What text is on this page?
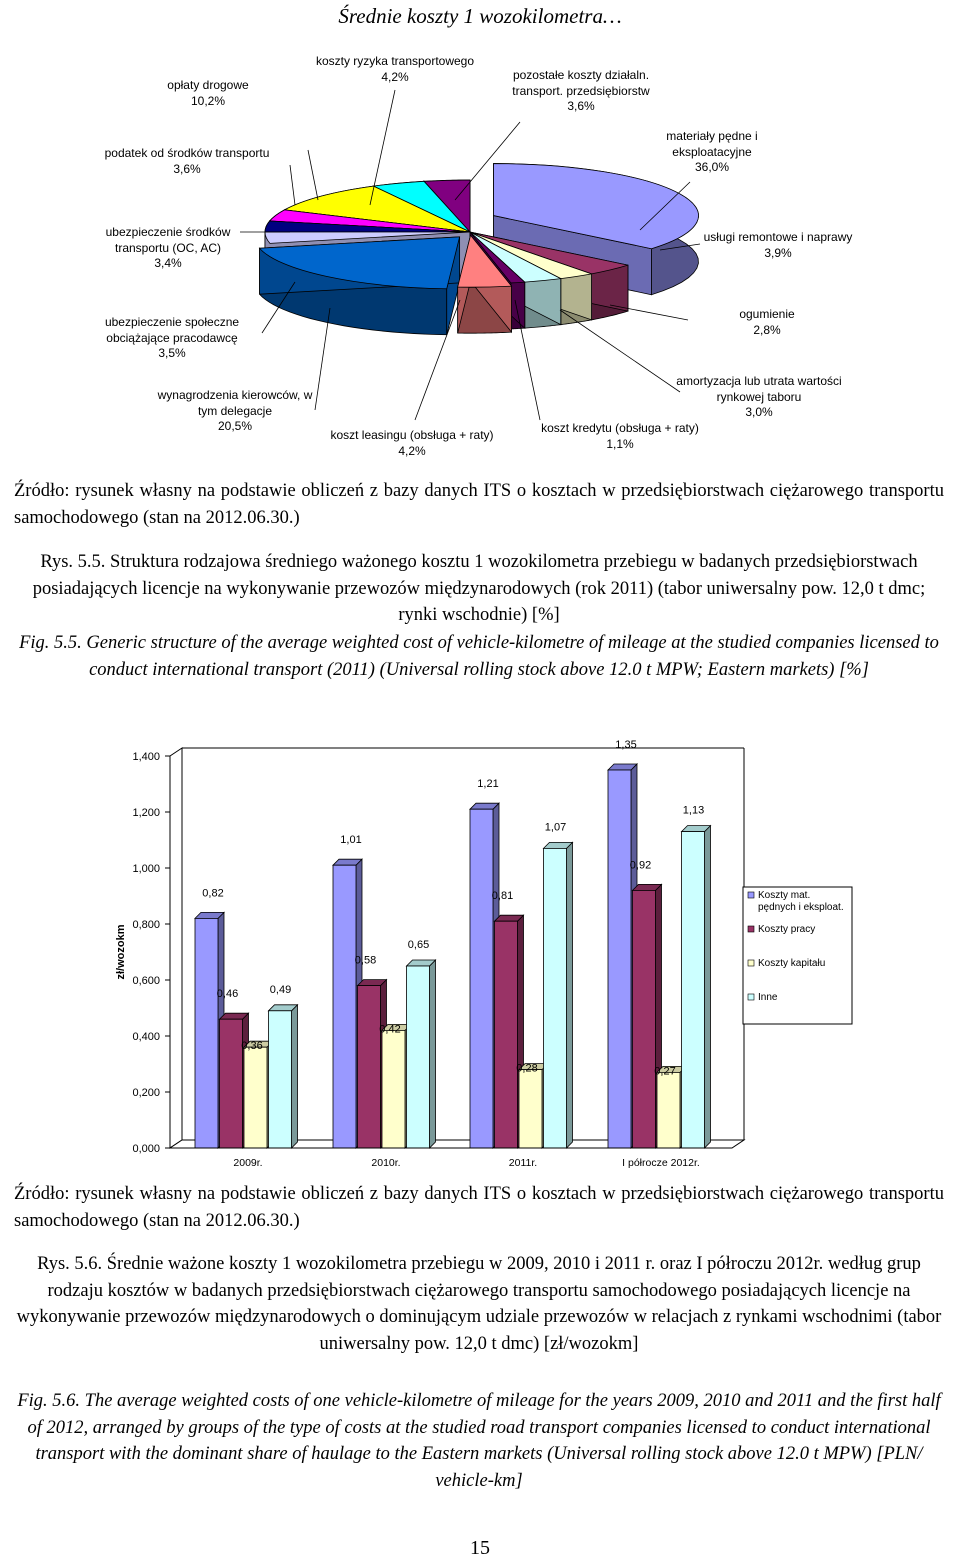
Średnie koszty 1 wozokilometra…
opłaty drogowe
10,2%
koszty ryzyka transportowego
4,2%	pozostałe koszty działaln.
transport. przedsiębiorstw
3,6%
podatek od środków transportu
3,6%
materiały pędne i
eksploatacyjne
36,0%
ubezpieczenie środków
transportu (OC, AC)
3,4%
usługi remontowe i naprawy
3,9%
ubezpieczenie społeczne
obciążające pracodawcę
3,5%
ogumienie
2,8%
amortyzacja lub utrata wartości
rynkowej taboru
3,0%
wynagrodzenia kierowców, w
tym delegacje
20,5%	koszt kredytu (obsługa + raty)
1,1%
koszt leasingu (obsługa + raty)
4,2%
Źródło: rysunek własny na podstawie obliczeń z bazy danych ITS o kosztach w przedsiębiorstwach ciężarowego transportu samochodowego (stan na 2012.06.30.)
Rys. 5.5. Struktura rodzajowa średniego ważonego kosztu 1 wozokilometra przebiegu w badanych przedsiębiorstwach posiadających licencje na wykonywanie przewozów międzynarodowych (rok 2011) (tabor uniwersalny pow. 12,0 t dmc; rynki wschodnie) [%]
Fig. 5.5. Generic structure of the average weighted cost of vehicle-kilometre of mileage at the studied companies licensed to conduct international transport (2011) (Universal rolling stock above 12.0 t MPW; Eastern markets) [%]
0,000
0,200
0,400
0,600
0,800
1,000
1,200
1,400
zł/wozokm
0,82
0,46
0,36
0,49
2009r.
1,01
0,58
0,42
0,65
2010r.
1,21
0,81
0,28
1,07
2011r.
1,35
0,92
0,27
1,13
I półrocze 2012r.
Koszty mat.
pędnych i eksploat.
Koszty pracy
Koszty kapitału
Inne
Źródło: rysunek własny na podstawie obliczeń z bazy danych ITS o kosztach w przedsiębiorstwach ciężarowego transportu samochodowego (stan na 2012.06.30.)
Rys. 5.6. Średnie ważone koszty 1 wozokilometra przebiegu w 2009, 2010 i 2011 r. oraz I półroczu 2012r. według grup rodzaju kosztów w badanych przedsiębiorstwach ciężarowego transportu samochodowego posiadających licencje na wykonywanie przewozów międzynarodowych o dominującym udziale przewozów w relacjach z rynkami wschodnimi (tabor uniwersalny pow. 12,0 t dmc) [zł/wozokm]
Fig. 5.6. The average weighted costs of one vehicle-kilometre of mileage for the years 2009, 2010 and 2011 and the first half of 2012, arranged by groups of the type of costs at the studied road transport companies licensed to conduct international transport with the dominant share of haulage to the Eastern markets (Universal rolling stock above 12.0 t MPW) [PLN/ vehicle-km]
15
